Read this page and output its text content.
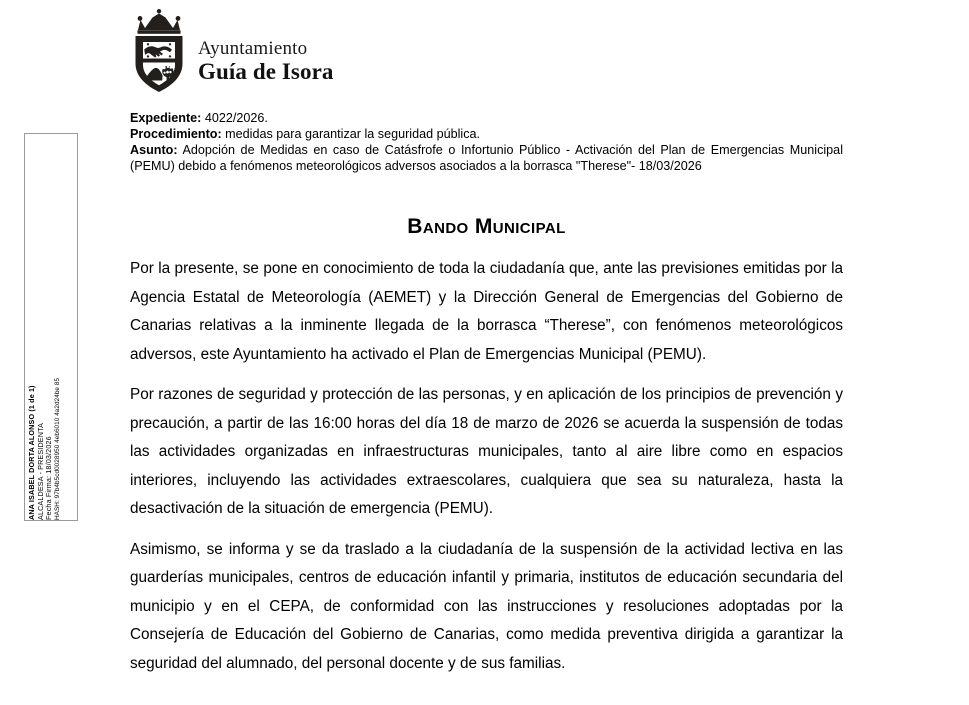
Ayuntamiento
Guía de Isora

Expediente: 4022/2026.

Procedimiento: medidas para garantizar la seguridad pública.

Asunto: Adopción de Medidas en caso de Catásfrofe o Infortunio Público - Activación del Plan de Emergencias Municipal (PEMU) debido a fenómenos meteorológicos adversos asociados a la borrasca "Therese"- 18/03/2026

Bando Municipal

Por la presente, se pone en conocimiento de toda la ciudadanía que, ante las previsiones emitidas por la Agencia Estatal de Meteorología (AEMET) y la Dirección General de Emergencias del Gobierno de Canarias relativas a la inminente llegada de la borrasca “Therese”, con fenómenos meteorológicos adversos, este Ayuntamiento ha activado el Plan de Emergencias Municipal (PEMU).

Por razones de seguridad y protección de las personas, y en aplicación de los principios de prevención y precaución, a partir de las 16:00 horas del día 18 de marzo de 2026 se acuerda la suspensión de todas las actividades organizadas en infraestructuras municipales, tanto al aire libre como en espacios interiores, incluyendo las actividades extraescolares, cualquiera que sea su naturaleza, hasta la desactivación de la situación de emergencia (PEMU).

Asimismo, se informa y se da traslado a la ciudadanía de la suspensión de la actividad lectiva en las guarderías municipales, centros de educación infantil y primaria, institutos de educación secundaria del municipio y en el CEPA, de conformidad con las instrucciones y resoluciones adoptadas por la Consejería de Educación del Gobierno de Canarias, como medida preventiva dirigida a garantizar la seguridad del alumnado, del personal docente y de sus familias.

ANA ISABEL DORTA ALONSO (1 de 1) ALCALDESA - PRESIDENTA Fecha Firma: 18/03/2026 HASH: 97b4b5cd0028950 4eb6010 4a2d24be 85
